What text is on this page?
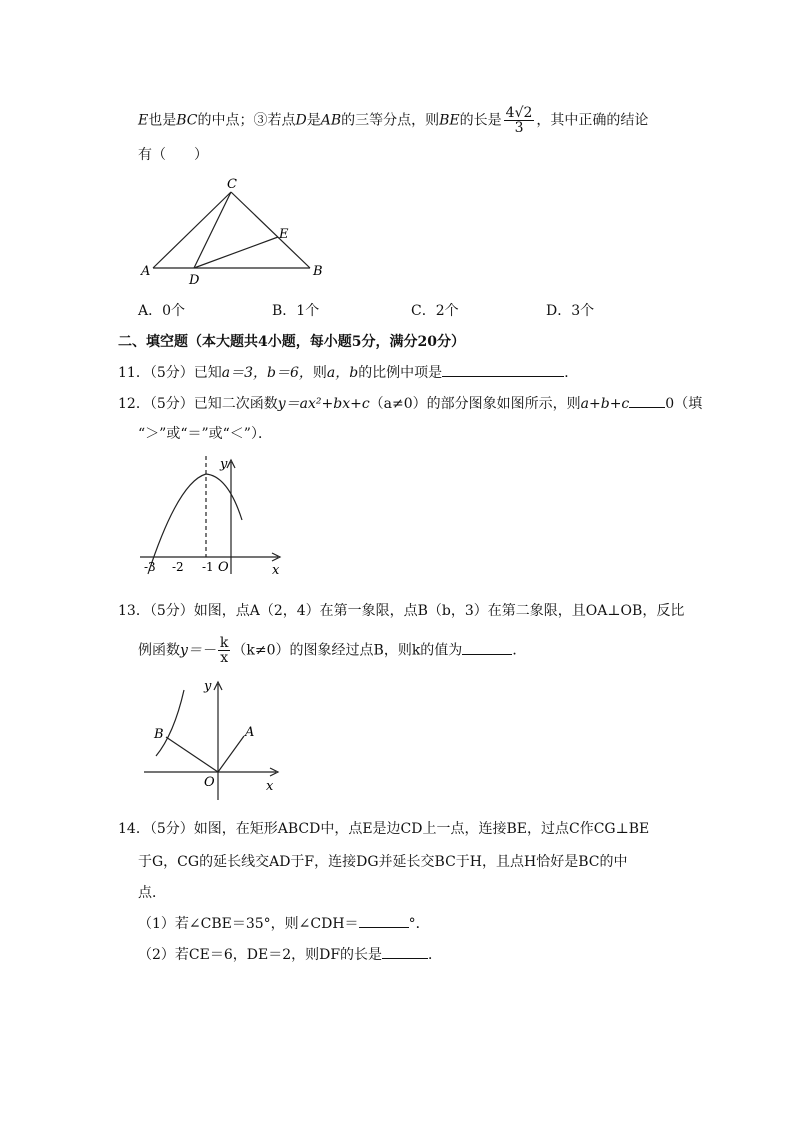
E也是BC的中点；③若点D是AB的三等分点，则BE的长是 $\frac{4√2}{3}$ ，其中正确的结论
有（　　）
C
E
A
D
B
A．0个	B．1个	C．2个	D．3个
二、填空题（本大题共4小题，每小题5分，满分20分）
11．（5分）已知a＝3，b＝6，则a，b的比例中项是	．
12．（5分）已知二次函数y＝ax²+bx+c（a≠0）的部分图象如图所示，则a+b+c	0（填
“＞”或“＝”或“＜”）．
y
x
O
-3 -2 -1
13．（5分）如图，点A（2，4）在第一象限，点B（b，3）在第二象限，且OA⊥OB，反比
例函数$y=- \frac{k}{x} (k\ne 0)$的图象经过点B，则k的值为	．
y
x
O
A
B
14．（5分）如图，在矩形ABCD中，点E是边CD上一点，连接BE，过点C作CG⊥BE
于G，CG的延长线交AD于F，连接DG并延长交BC于H，且点H恰好是BC的中
点．
（1）若∠CBE＝35°，则∠CDH＝	°．
（2）若CE＝6，DE＝2，则DF的长是	．
